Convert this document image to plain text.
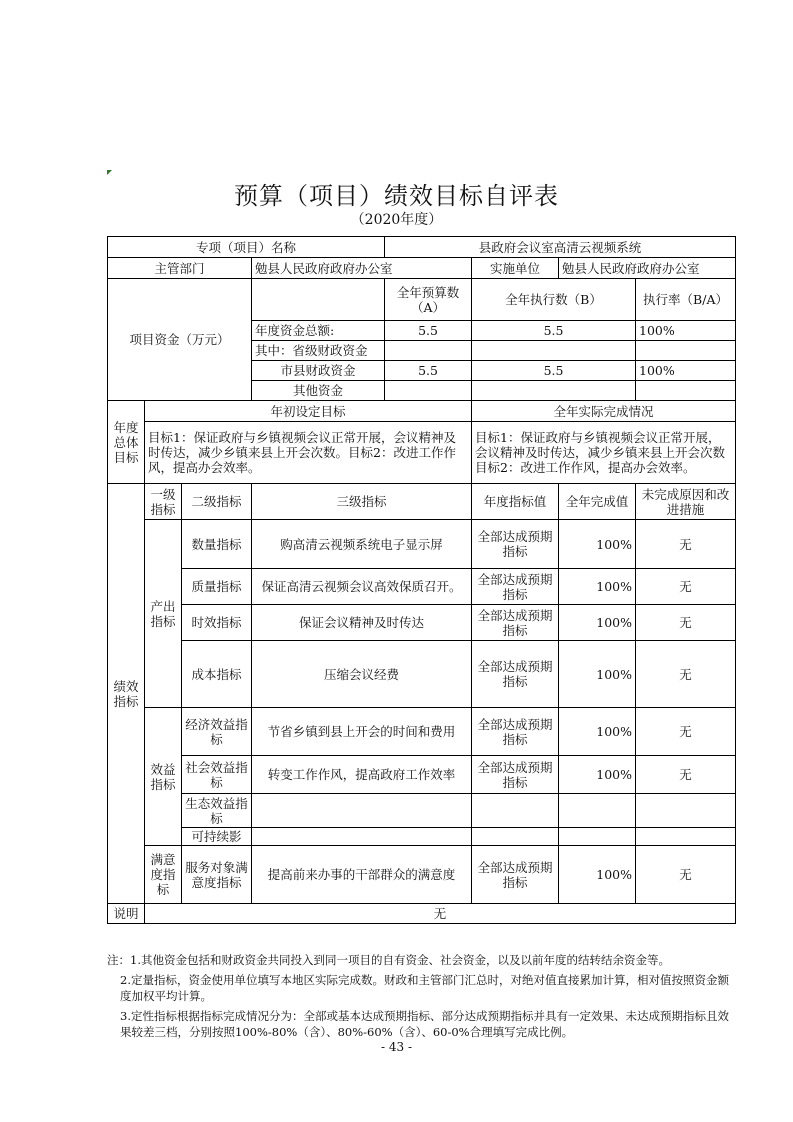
预算（项目）绩效目标自评表
（2020年度）
专项（项目）名称				县政府会议室高清云视频系统			
主管部门			勉县人民政府政府办公室		实施单位	勉县人民政府政府办公室	
项目资金（万元）				全年预算数（A）	全年执行数（B）		执行率（B/A）
			年度资金总额:	5.5	5.5		100%
			其中：省级财政资金				
			市县财政资金	5.5	5.5		100%
			其他资金				
年度总体目标	年初设定目标				全年实际完成情况		
	目标1：保证政府与乡镇视频会议正常开展，会议精神及时传达，减少乡镇来县上开会次数。目标2：改进工作作风，提高办会效率。				目标1：保证政府与乡镇视频会议正常开展，会议精神及时传达，减少乡镇来县上开会次数目标2：改进工作作风，提高办会效率。		
绩效指标	一级指标	二级指标	三级指标		年度指标值	全年完成值	未完成原因和改进措施
	产出指标	数量指标	购高清云视频系统电子显示屏		全部达成预期指标	100%	无
		质量指标	保证高清云视频会议高效保质召开。		全部达成预期指标	100%	无
		时效指标	保证会议精神及时传达		全部达成预期指标	100%	无
		成本指标	压缩会议经费		全部达成预期指标	100%	无
	效益指标	经济效益指标	节省乡镇到县上开会的时间和费用		全部达成预期指标	100%	无
		社会效益指标	转变工作作风，提高政府工作效率		全部达成预期指标	100%	无
		生态效益指标					
		可持续影					
	满意度指标	服务对象满意度指标	提高前来办事的干部群众的满意度		全部达成预期指标	100%	无
说明	无						

注：1.其他资金包括和财政资金共同投入到同一项目的自有资金、社会资金，以及以前年度的结转结余资金等。

2.定量指标，资金使用单位填写本地区实际完成数。财政和主管部门汇总时，对绝对值直接累加计算，相对值按照资金额度加权平均计算。

3.定性指标根据指标完成情况分为：全部或基本达成预期指标、部分达成预期指标并具有一定效果、未达成预期指标且效果较差三档，分别按照100%-80%（含）、80%-60%（含）、60-0%合理填写完成比例。

- 43 -
